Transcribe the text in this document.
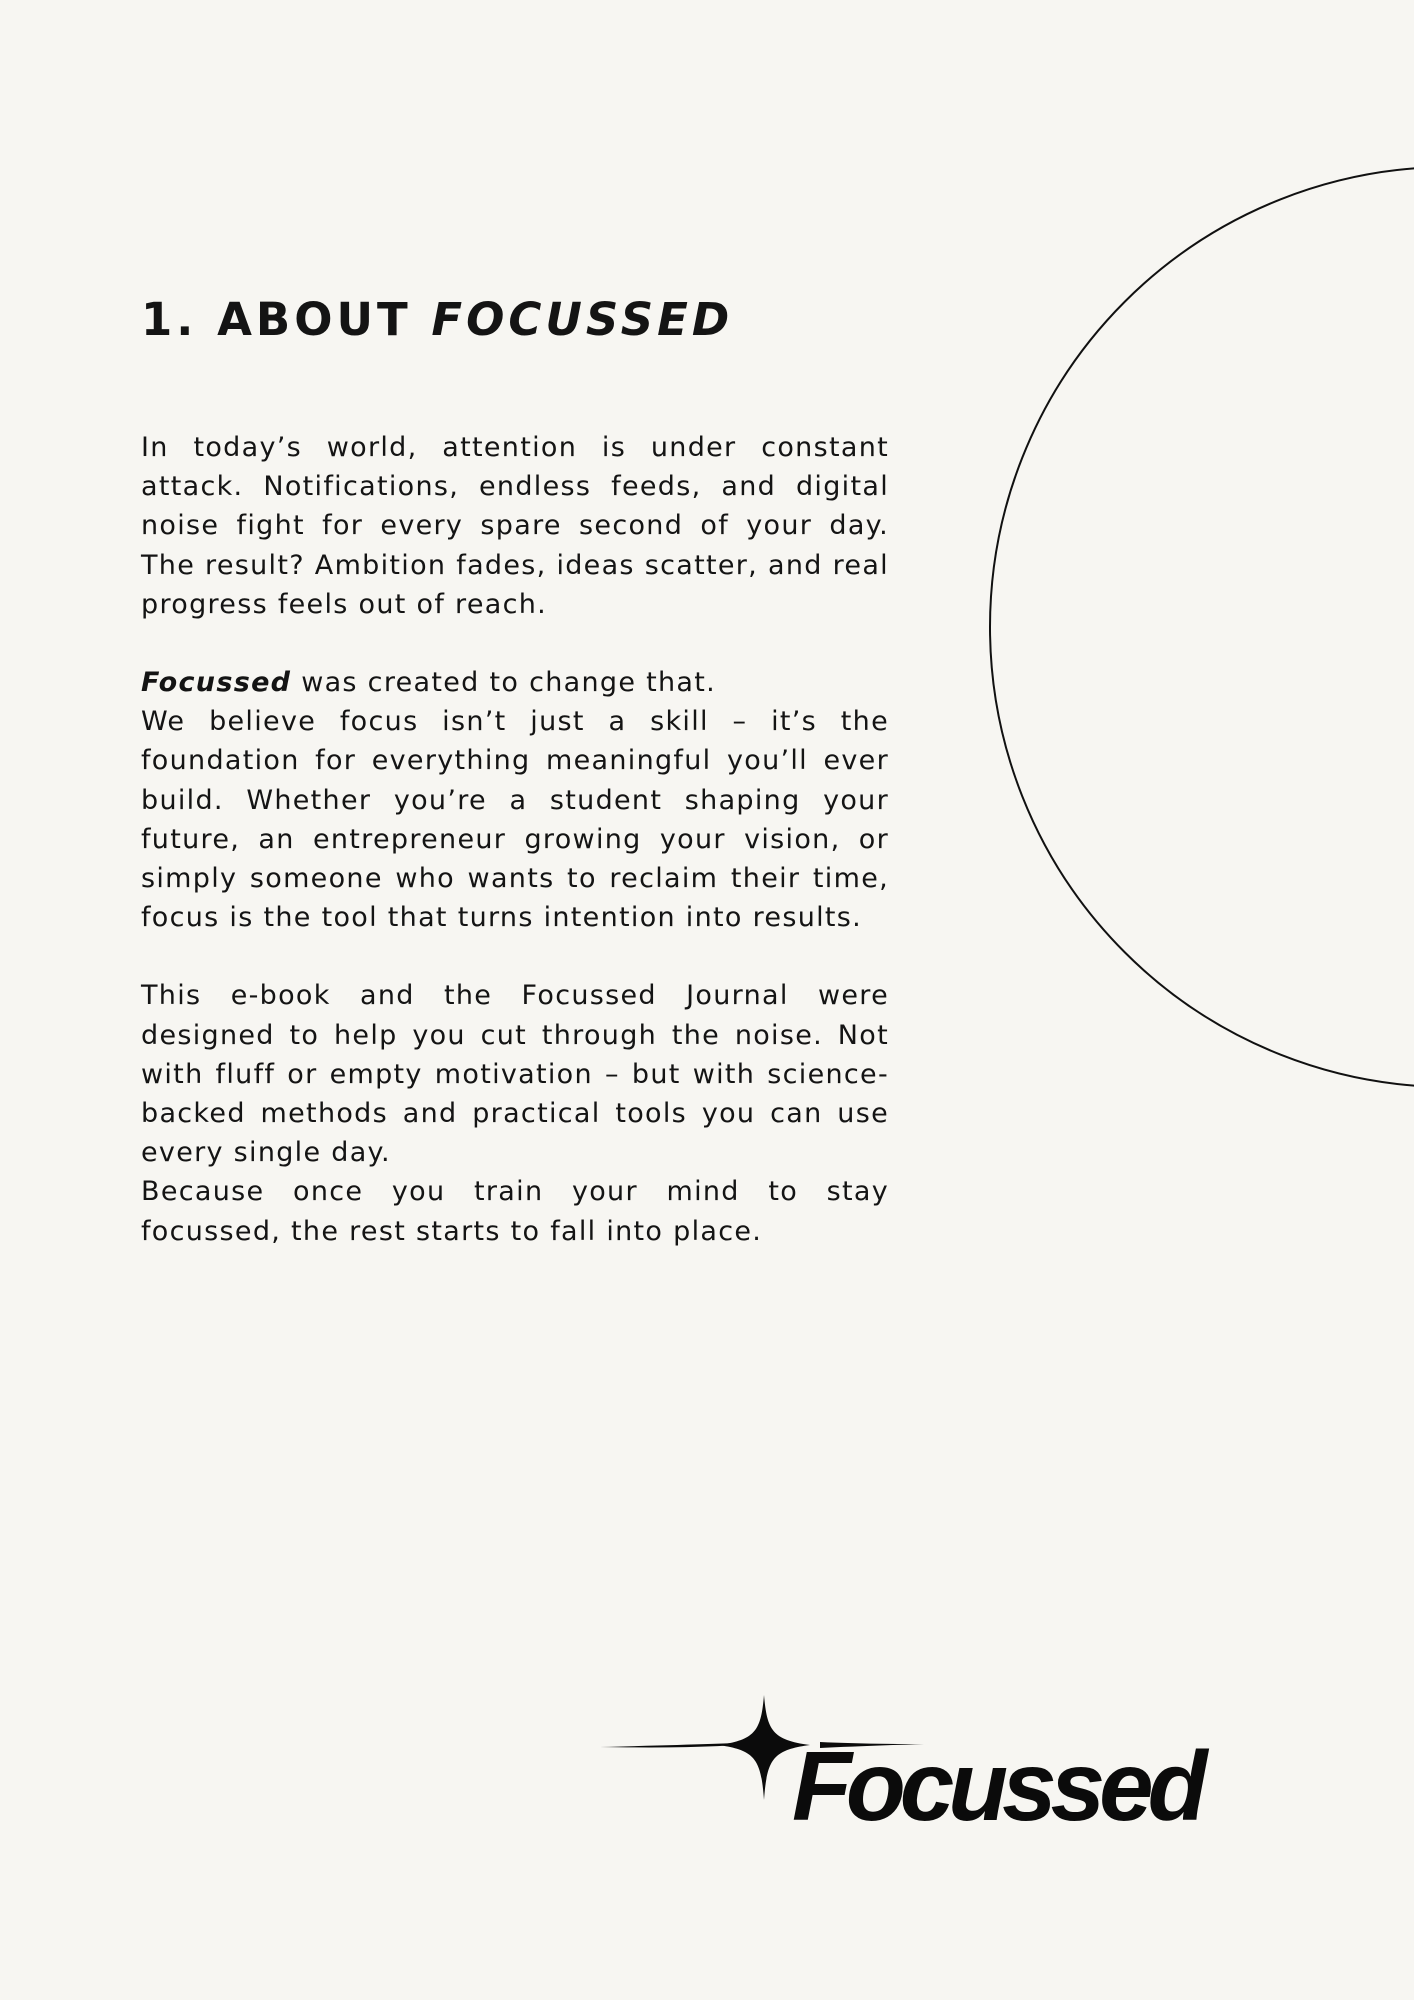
1. ABOUT FOCUSSED

In today’s world, attention is under constant attack. Notifications, endless feeds, and digital noise fight for every spare second of your day. The result? Ambition fades, ideas scatter, and real progress feels out of reach.

Focussed was created to change that.

We believe focus isn’t just a skill – it’s the foundation for everything meaningful you’ll ever build. Whether you’re a student shaping your future, an entrepreneur growing your vision, or simply someone who wants to reclaim their time, focus is the tool that turns intention into results.

This e-book and the Focussed Journal were designed to help you cut through the noise. Not with fluff or empty motivation – but with science-backed methods and practical tools you can use every single day.

Because once you train your mind to stay focussed, the rest starts to fall into place.

Focussed
